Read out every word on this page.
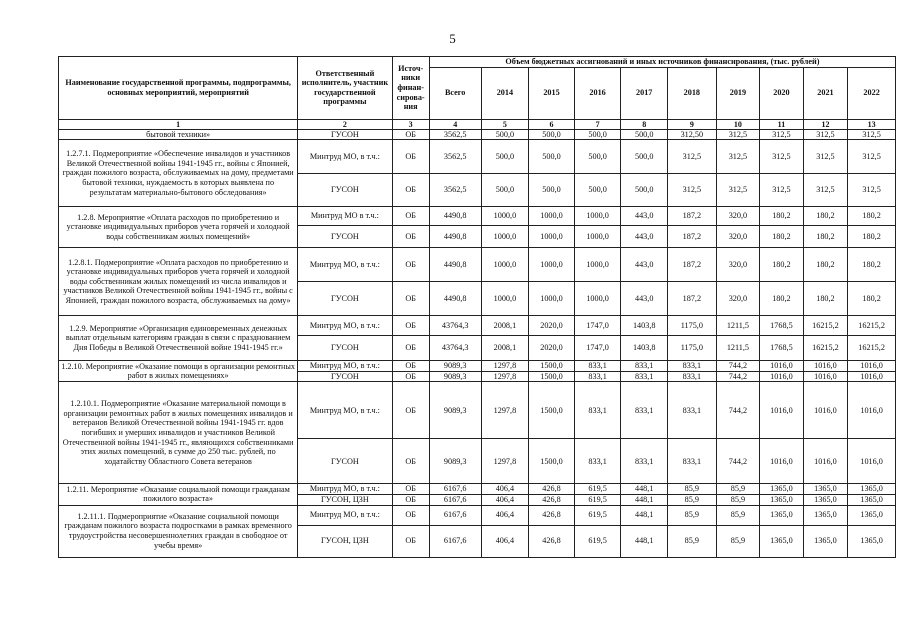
5
Наименование государственной программы, подпрограммы, основных мероприятий, мероприятий	Ответственный исполнитель, участник государственной программы	Источ-ники финан-сирова-ния	Объем бюджетных ассигнований и иных источников финансирования, (тыс. рублей)									
			Всего	2014	2015	2016	2017	2018	2019	2020	2021	2022
1	2	3	4	5	6	7	8	9	10	11	12	13
бытовой техники»	ГУСОН	ОБ	3562,5	500,0	500,0	500,0	500,0	312,50	312,5	312,5	312,5	312,5
1.2.7.1. Подмероприятие «Обеспечение инвалидов и участников Великой Отечественной войны 1941-1945 гг., войны с Японией, граждан пожилого возраста, обслуживаемых на дому, предметами бытовой техники, нуждаемость в которых выявлена по результатам материально-бытового обследования»	Минтруд МО, в т.ч.:	ОБ	3562,5	500,0	500,0	500,0	500,0	312,5	312,5	312,5	312,5	312,5
	ГУСОН	ОБ	3562,5	500,0	500,0	500,0	500,0	312,5	312,5	312,5	312,5	312,5
1.2.8. Мероприятие «Оплата расходов по приобретению и установке индивидуальных приборов учета горячей и холодной воды собственникам жилых помещений»	Минтруд МО в т.ч.:	ОБ	4490,8	1000,0	1000,0	1000,0	443,0	187,2	320,0	180,2	180,2	180,2
	ГУСОН	ОБ	4490,8	1000,0	1000,0	1000,0	443,0	187,2	320,0	180,2	180,2	180,2
1.2.8.1. Подмероприятие «Оплата расходов по приобретению и установке индивидуальных приборов учета горячей и холодной воды собственникам жилых помещений из числа инвалидов и участников Великой Отечественной войны 1941-1945 гг., войны с Японией, граждан пожилого возраста, обслуживаемых на дому»	Минтруд МО, в т.ч.:	ОБ	4490,8	1000,0	1000,0	1000,0	443,0	187,2	320,0	180,2	180,2	180,2
	ГУСОН	ОБ	4490,8	1000,0	1000,0	1000,0	443,0	187,2	320,0	180,2	180,2	180,2
1.2.9. Мероприятие «Организация единовременных денежных выплат отдельным категориям граждан в связи с празднованием Дня Победы в Великой Отечественной войне 1941-1945 гг.»	Минтруд МО, в т.ч.:	ОБ	43764,3	2008,1	2020,0	1747,0	1403,8	1175,0	1211,5	1768,5	16215,2	16215,2
	ГУСОН	ОБ	43764,3	2008,1	2020,0	1747,0	1403,8	1175,0	1211,5	1768,5	16215,2	16215,2
1.2.10. Мероприятие «Оказание помощи в организации ремонтных работ в жилых помещениях»	Минтруд МО, в т.ч.:	ОБ	9089,3	1297,8	1500,0	833,1	833,1	833,1	744,2	1016,0	1016,0	1016,0
	ГУСОН	ОБ	9089,3	1297,8	1500,0	833,1	833,1	833,1	744,2	1016,0	1016,0	1016,0
1.2.10.1. Подмероприятие «Оказание материальной помощи в организации ремонтных работ в жилых помещениях инвалидов и ветеранов Великой Отечественной войны 1941-1945 гг. вдов погибших и умерших инвалидов и участников Великой Отечественной войны 1941-1945 гг., являющихся собственниками этих жилых помещений, в сумме до 250 тыс. рублей, по ходатайству Областного Совета ветеранов	Минтруд МО, в т.ч.:	ОБ	9089,3	1297,8	1500,0	833,1	833,1	833,1	744,2	1016,0	1016,0	1016,0
	ГУСОН	ОБ	9089,3	1297,8	1500,0	833,1	833,1	833,1	744,2	1016,0	1016,0	1016,0
1.2.11. Мероприятие «Оказание социальной помощи гражданам пожилого возраста»	Минтруд МО, в т.ч.:	ОБ	6167,6	406,4	426,8	619,5	448,1	85,9	85,9	1365,0	1365,0	1365,0
	ГУСОН, ЦЗН	ОБ	6167,6	406,4	426,8	619,5	448,1	85,9	85,9	1365,0	1365,0	1365,0
1.2.11.1. Подмероприятие «Оказание социальной помощи гражданам пожилого возраста подростками в рамках временного трудоустройства несовершеннолетних граждан в свободное от учебы время»	Минтруд МО, в т.ч.:	ОБ	6167,6	406,4	426,8	619,5	448,1	85,9	85,9	1365,0	1365,0	1365,0
	ГУСОН, ЦЗН	ОБ	6167,6	406,4	426,8	619,5	448,1	85,9	85,9	1365,0	1365,0	1365,0
